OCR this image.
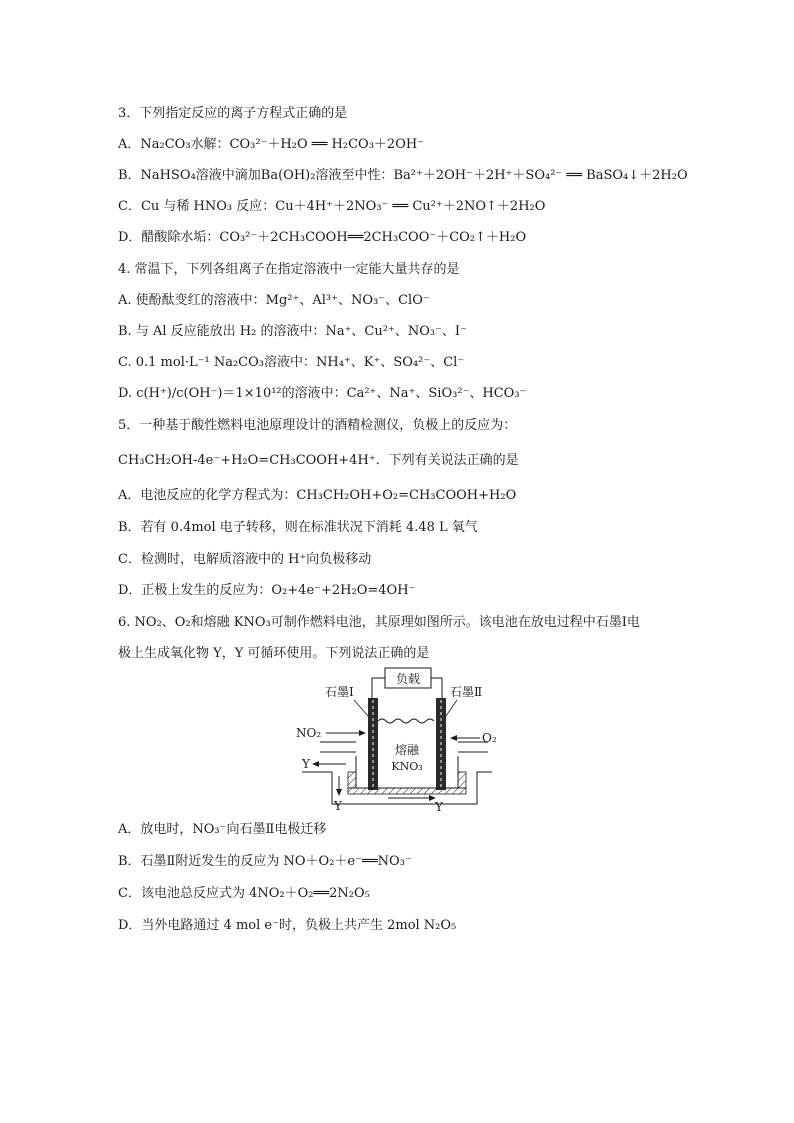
3．下列指定反应的离子方程式正确的是
A．Na₂CO₃水解：CO₃²⁻＋H₂O ══ H₂CO₃＋2OH⁻
B．NaHSO₄溶液中滴加Ba(OH)₂溶液至中性：Ba²⁺＋2OH⁻＋2H⁺＋SO₄²⁻ ══ BaSO₄↓＋2H₂O
C．Cu 与稀 HNO₃ 反应：Cu＋4H⁺＋2NO₃⁻ ══ Cu²⁺＋2NO↑＋2H₂O
D．醋酸除水垢：CO₃²⁻＋2CH₃COOH══2CH₃COO⁻＋CO₂↑＋H₂O
4. 常温下，下列各组离子在指定溶液中一定能大量共存的是
A. 使酚酞变红的溶液中：Mg²⁺、Al³⁺、NO₃⁻、ClO⁻
B. 与 Al 反应能放出 H₂ 的溶液中：Na⁺、Cu²⁺、NO₃⁻、I⁻
C. 0.1 mol·L⁻¹ Na₂CO₃溶液中：NH₄⁺、K⁺、SO₄²⁻、Cl⁻
D. c(H⁺)/c(OH⁻)＝1×10¹²的溶液中：Ca²⁺、Na⁺、SiO₃²⁻、HCO₃⁻
5．一种基于酸性燃料电池原理设计的酒精检测仪，负极上的反应为：
CH₃CH₂OH-4e⁻+H₂O=CH₃COOH+4H⁺．下列有关说法正确的是
A．电池反应的化学方程式为：CH₃CH₂OH+O₂=CH₃COOH+H₂O
B．若有 0.4mol 电子转移，则在标准状况下消耗 4.48 L 氧气
C．检测时，电解质溶液中的 H⁺向负极移动
D．正极上发生的反应为：O₂+4e⁻+2H₂O=4OH⁻
6. NO₂、O₂和熔融 KNO₃可制作燃料电池，其原理如图所示。该电池在放电过程中石墨Ⅰ电
极上生成氧化物 Y，Y 可循环使用。下列说法正确的是
负载
石墨Ⅰ	石墨Ⅱ
NO₂	O₂
熔融
KNO₃
Y
Y	Y
A．放电时，NO₃⁻向石墨Ⅱ电极迁移
B．石墨Ⅱ附近发生的反应为 NO＋O₂＋e⁻══NO₃⁻
C．该电池总反应式为 4NO₂＋O₂══2N₂O₅
D．当外电路通过 4 mol e⁻时，负极上共产生 2mol N₂O₅
